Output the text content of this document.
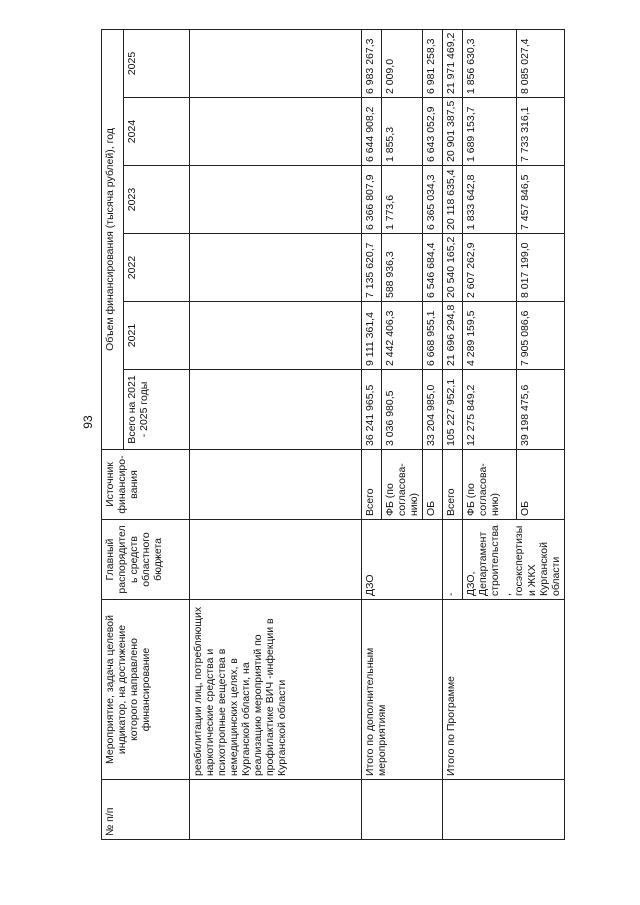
93
№ п/п	Мероприятие, задача целевой индикатор, на достижение которого направлено финансирование	Главный распорядитель средств областного бюджета	Источник финансиро-вания	Объем финансирования (тысяча рублей), год					
				Всего на 2021 - 2025 годы	2021	2022	2023	2024	2025
	реабилитации лиц, потребляющих наркотические средства и психотропные вещества в немедицинских целях, в Курганской области, на реализацию мероприятий по профилактике ВИЧ -инфекции в Курганской области								
	Итого по дополнительным мероприятиям	ДЗО	Всего	36 241 965,5	9 111 361,4	7 135 620,7	6 366 807,9	6 644 908,2	6 983 267,3
			ФБ (по согласова-нию)	3 036 980,5	2 442 406,3	588 936,3	1 773,6	1 855,3	2 009,0
			ОБ	33 204 985,0	6 668 955,1	6 546 684,4	6 365 034,3	6 643 052,9	6 981 258,3
	Итого по Программе	-	Всего	105 227 952,1	21 696 294,8	20 540 165,2	20 118 635,4	20 901 387,5	21 971 469,2
		ДЗО, Департамент строительства, госэкспертизы и ЖКХ Курганской области	ФБ (по согласова-нию)	12 275 849,2	4 289 159,5	2 607 262,9	1 833 642,8	1 689 153,7	1 856 630,3
			ОБ	39 198 475,6	7 905 086,6	8 017 199,0	7 457 846,5	7 733 316,1	8 085 027,4
